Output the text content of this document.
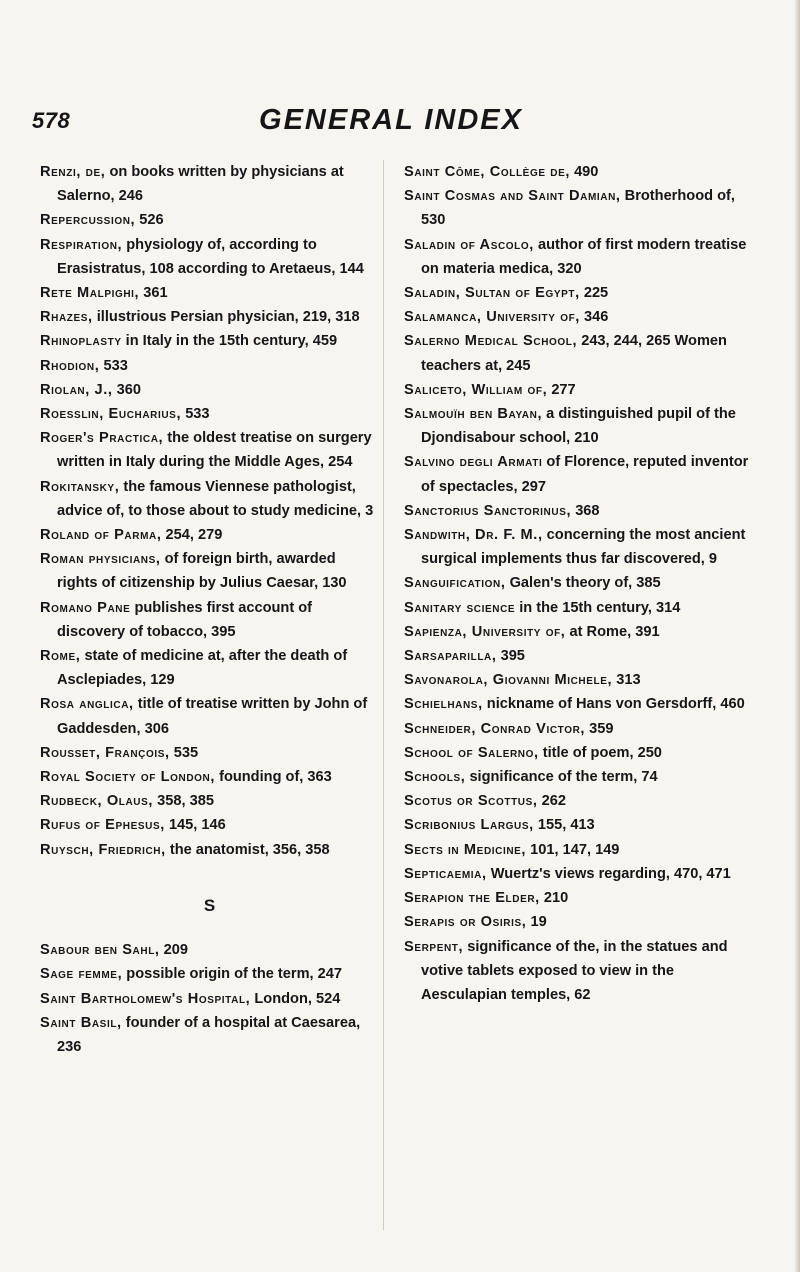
578	GENERAL INDEX

Renzi, de, on books written by physicians at Salerno, 246

Repercussion, 526

Respiration, physiology of, according to Erasistratus, 108 according to Aretaeus, 144

Rete Malpighi, 361

Rhazes, illustrious Persian physician, 219, 318

Rhinoplasty in Italy in the 15th century, 459

Rhodion, 533

Riolan, J., 360

Roesslin, Eucharius, 533

Roger's Practica, the oldest treatise on surgery written in Italy during the Middle Ages, 254

Rokitansky, the famous Viennese pathologist, advice of, to those about to study medicine, 3

Roland of Parma, 254, 279

Roman physicians, of foreign birth, awarded rights of citizenship by Julius Caesar, 130

Romano Pane publishes first account of discovery of tobacco, 395

Rome, state of medicine at, after the death of Asclepiades, 129

Rosa anglica, title of treatise written by John of Gaddesden, 306

Rousset, François, 535

Royal Society of London, founding of, 363

Rudbeck, Olaus, 358, 385

Rufus of Ephesus, 145, 146

Ruysch, Friedrich, the anatomist, 356, 358

S

Sabour ben Sahl, 209

Sage femme, possible origin of the term, 247

Saint Bartholomew's Hospital, London, 524

Saint Basil, founder of a hospital at Caesarea, 236

Saint Côme, Collège de, 490

Saint Cosmas and Saint Damian, Brotherhood of, 530

Saladin of Ascolo, author of first modern treatise on materia medica, 320

Saladin, Sultan of Egypt, 225

Salamanca, University of, 346

Salerno Medical School, 243, 244, 265 Women teachers at, 245

Saliceto, William of, 277

Salmouïh ben Bayan, a distinguished pupil of the Djondisabour school, 210

Salvino degli Armati of Florence, reputed inventor of spectacles, 297

Sanctorius Sanctorinus, 368

Sandwith, Dr. F. M., concerning the most ancient surgical implements thus far discovered, 9

Sanguification, Galen's theory of, 385

Sanitary science in the 15th century, 314

Sapienza, University of, at Rome, 391

Sarsaparilla, 395

Savonarola, Giovanni Michele, 313

Schielhans, nickname of Hans von Gersdorff, 460

Schneider, Conrad Victor, 359

School of Salerno, title of poem, 250

Schools, significance of the term, 74

Scotus or Scottus, 262

Scribonius Largus, 155, 413

Sects in Medicine, 101, 147, 149

Septicaemia, Wuertz's views regarding, 470, 471

Serapion the Elder, 210

Serapis or Osiris, 19

Serpent, significance of the, in the statues and votive tablets exposed to view in the Aesculapian temples, 62
